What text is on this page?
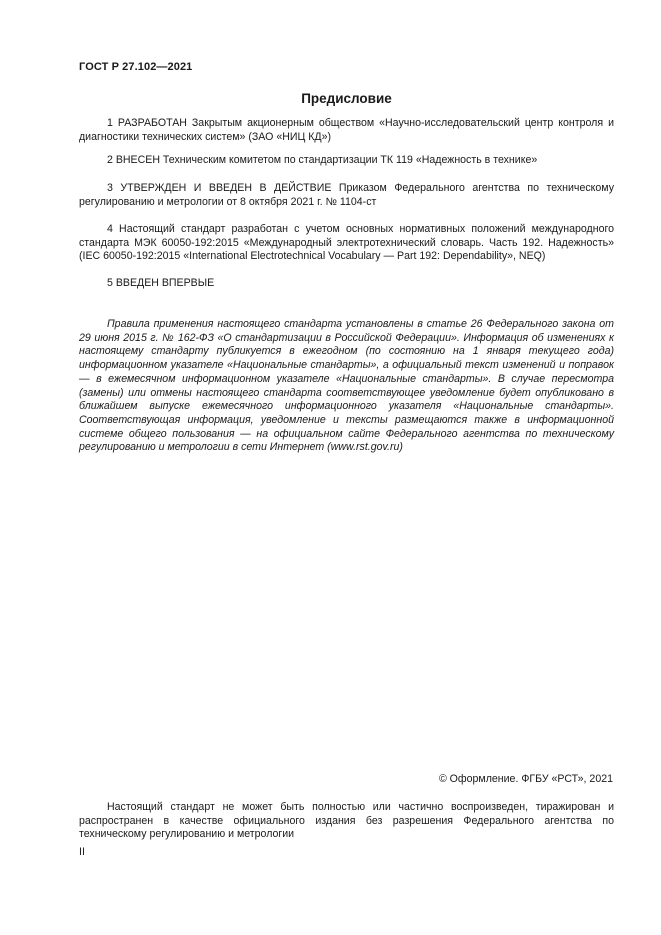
ГОСТ Р 27.102—2021
Предисловие

1 РАЗРАБОТАН Закрытым акционерным обществом «Научно-исследовательский центр контроля и диагностики технических систем» (ЗАО «НИЦ КД»)

2 ВНЕСЕН Техническим комитетом по стандартизации ТК 119 «Надежность в технике»

3 УТВЕРЖДЕН И ВВЕДЕН В ДЕЙСТВИЕ Приказом Федерального агентства по техническому регулированию и метрологии от 8 октября 2021 г. № 1104-ст

4 Настоящий стандарт разработан с учетом основных нормативных положений международного стандарта МЭК 60050-192:2015 «Международный электротехнический словарь. Часть 192. Надежность» (IEC 60050-192:2015 «International Electrotechnical Vocabulary — Part 192: Dependability», NEQ)

5 ВВЕДЕН ВПЕРВЫЕ

Правила применения настоящего стандарта установлены в статье 26 Федерального закона от 29 июня 2015 г. № 162-ФЗ «О стандартизации в Российской Федерации». Информация об изменениях к настоящему стандарту публикуется в ежегодном (по состоянию на 1 января текущего года) информационном указателе «Национальные стандарты», а официальный текст изменений и поправок — в ежемесячном информационном указателе «Национальные стандарты». В случае пересмотра (замены) или отмены настоящего стандарта соответствующее уведомление будет опубликовано в ближайшем выпуске ежемесячного информационного указателя «Национальные стандарты». Соответствующая информация, уведомление и тексты размещаются также в информационной системе общего пользования — на официальном сайте Федерального агентства по техническому регулированию и метрологии в сети Интернет (www.rst.gov.ru)

© Оформление. ФГБУ «РСТ», 2021

Настоящий стандарт не может быть полностью или частично воспроизведен, тиражирован и распространен в качестве официального издания без разрешения Федерального агентства по техническому регулированию и метрологии

II
